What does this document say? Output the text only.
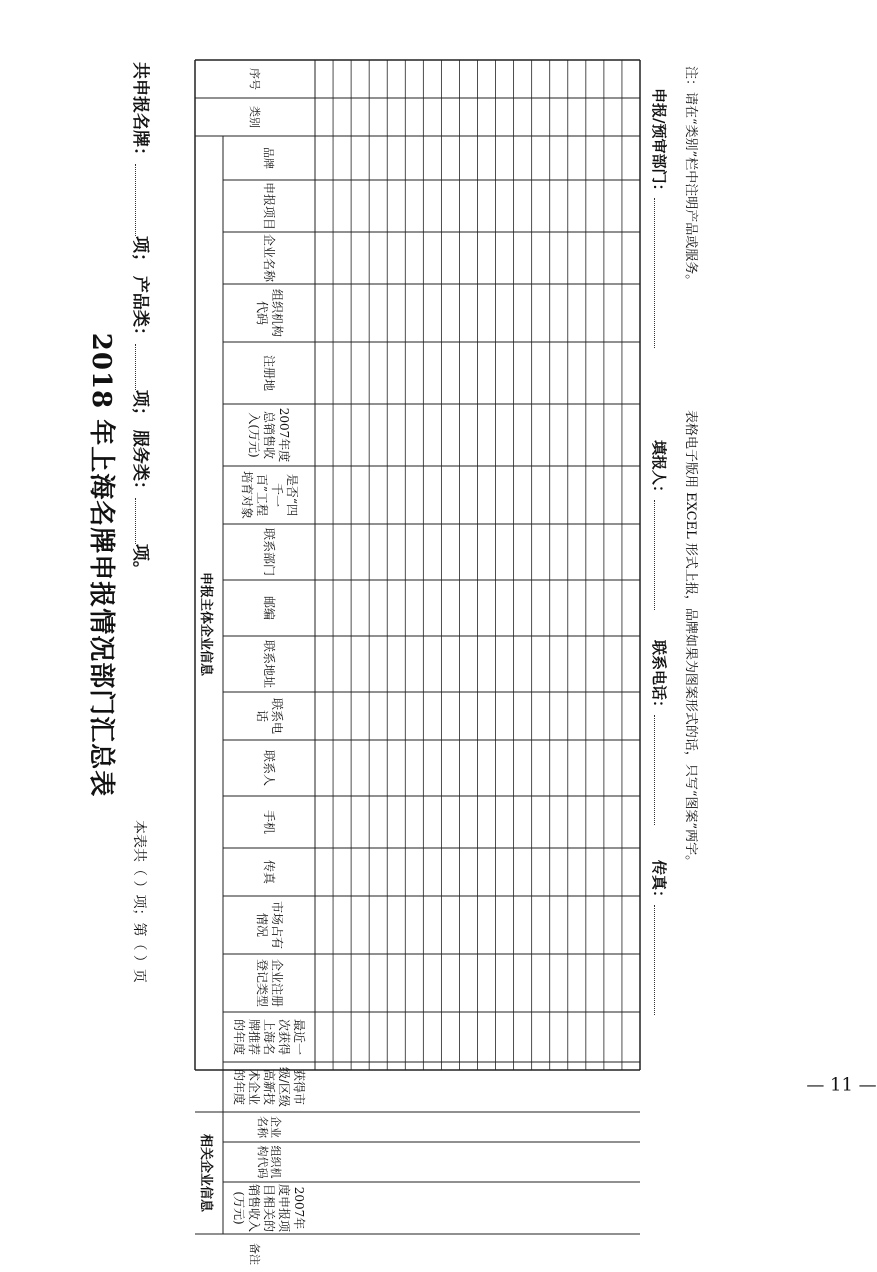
2018 年上海名牌申报情况部门汇总表
共申报名牌：项； 产品类：项； 服务类：项。
本表共（ ）项；第（ ）页
申报/预审部门：
填报人：
联系电话：
传真：
注：请在“类别”栏中注明产品或服务。
表格电子版用 EXCEL 形式上报，品牌如果为图案形式的话，只写“图案”两字。
— 11 —
申报主体企业信息
相关企业信息
序号
类别
品牌
申报项目
企业名称
组织机构代码
注册地
2007年度总销售收入(万元)
是否“四千一百”工程培育对象
联系部门
邮编
联系地址
联系电话
联系人
手机
传真
市场占有情况
企业注册登记类型
最近一次获得上海名牌推荐的年度
获得市级/区级高新技术企业的年度
企业名称
组织机构代码
2007年度申报项目相关的销售收入(万元)
备注
